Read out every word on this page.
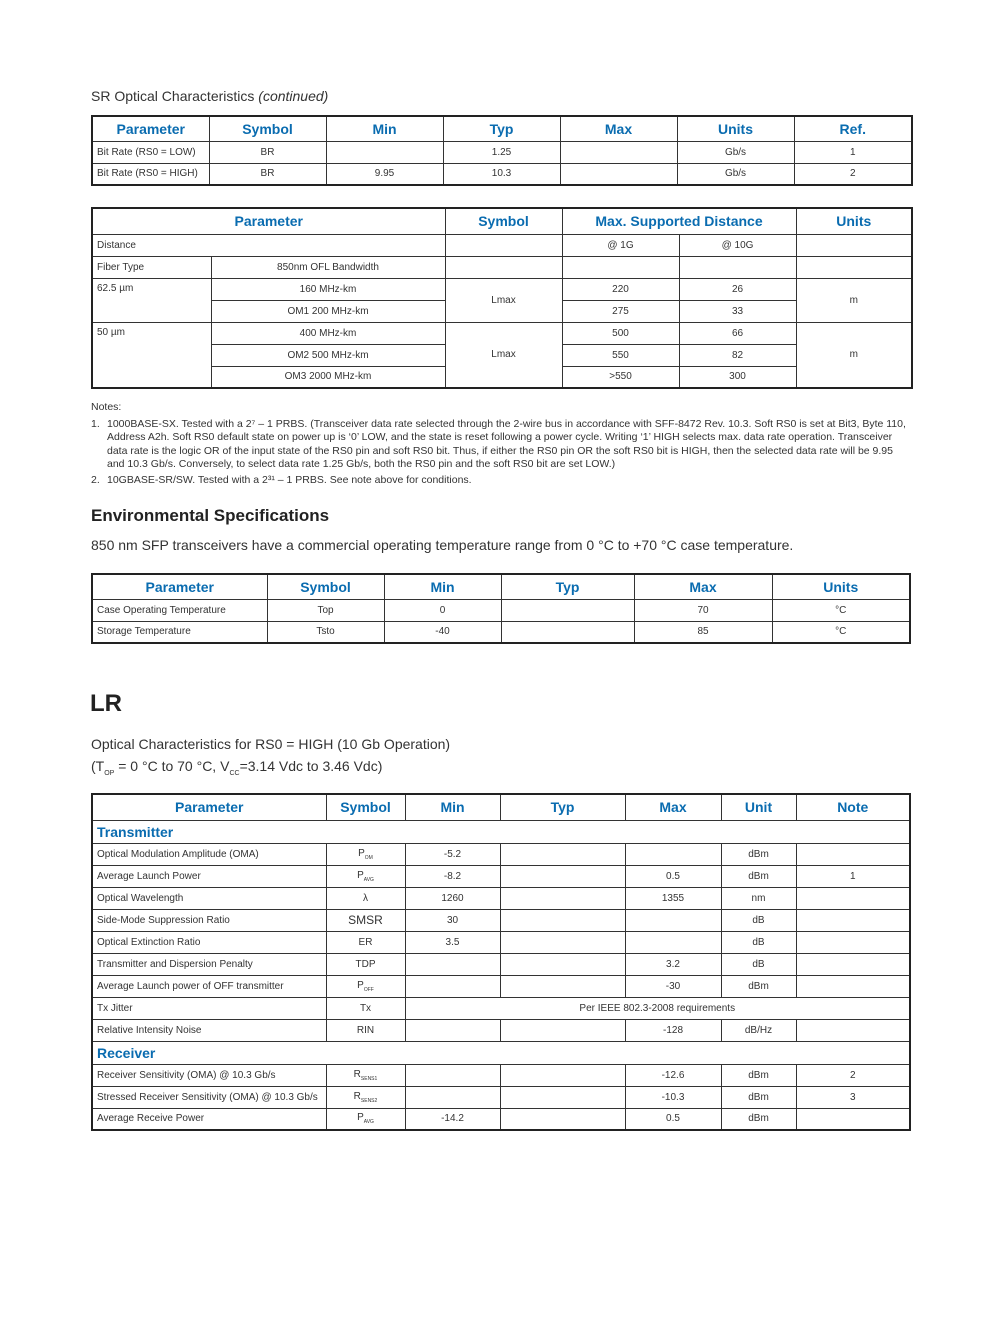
SR Optical Characteristics (continued)
Parameter	Symbol	Min	Typ	Max	Units	Ref.
Bit Rate (RS0 = LOW)	BR		1.25		Gb/s	1
Bit Rate (RS0 = HIGH)	BR	9.95	10.3		Gb/s	2
Parameter		Symbol	Max. Supported Distance		Units
Distance			@ 1G	@ 10G	
Fiber Type	850nm OFL Bandwidth				
62.5 µm	160 MHz-km	Lmax	220	26	m
	OM1 200 MHz-km		275	33	
50 µm	400 MHz-km	Lmax	500	66	m
	OM2 500 MHz-km		550	82	
	OM3 2000 MHz-km		>550	300	
Notes:
1. 1000BASE-SX. Tested with a 2⁷ – 1 PRBS. (Transceiver data rate selected through the 2-wire bus in accordance with SFF-8472 Rev. 10.3. Soft RS0 is set at Bit3, Byte 110, Address A2h. Soft RS0 default state on power up is ‘0’ LOW, and the state is reset following a power cycle. Writing ‘1’ HIGH selects max. data rate operation. Transceiver data rate is the logic OR of the input state of the RS0 pin and soft RS0 bit. Thus, if either the RS0 pin OR the soft RS0 bit is HIGH, then the selected data rate will be 9.95 and 10.3 Gb/s. Conversely, to select data rate 1.25 Gb/s, both the RS0 pin and the soft RS0 bit are set LOW.)
2. 10GBASE-SR/SW. Tested with a 2³¹ – 1 PRBS. See note above for conditions.
Environmental Specifications
850 nm SFP transceivers have a commercial operating temperature range from 0 °C to +70 °C case temperature.
Parameter	Symbol	Min	Typ	Max	Units
Case Operating Temperature	Top	0		70	°C
Storage Temperature	Tsto	-40		85	°C
LR
Optical Characteristics for RS0 = HIGH (10 Gb Operation)
($T_{OP} = 0$ °C to 70 °C, $V_{CC}=3.14$ Vdc to 3.46 Vdc)
Parameter	Symbol	Min	Typ	Max	Unit	Note
Transmitter						
Optical Modulation Amplitude (OMA)	$P_{OM}$	-5.2			dBm	
Average Launch Power	$P_{AVG}$	-8.2		0.5	dBm	1
Optical Wavelength	λ	1260		1355	nm	
Side-Mode Suppression Ratio	SMSR	30			dB	
Optical Extinction Ratio	ER	3.5			dB	
Transmitter and Dispersion Penalty	TDP			3.2	dB	
Average Launch power of OFF transmitter	$P_{OFF}$			-30	dBm	
Tx Jitter	Tx	Per IEEE 802.3-2008 requirements				
Relative Intensity Noise	RIN			-128	dB/Hz	
Receiver						
Receiver Sensitivity (OMA) @ 10.3 Gb/s	$R_{SENS1}$			-12.6	dBm	2
Stressed Receiver Sensitivity (OMA) @ 10.3 Gb/s	$R_{SENS2}$			-10.3	dBm	3
Average Receive Power	$P_{AVG}$	-14.2		0.5	dBm	
